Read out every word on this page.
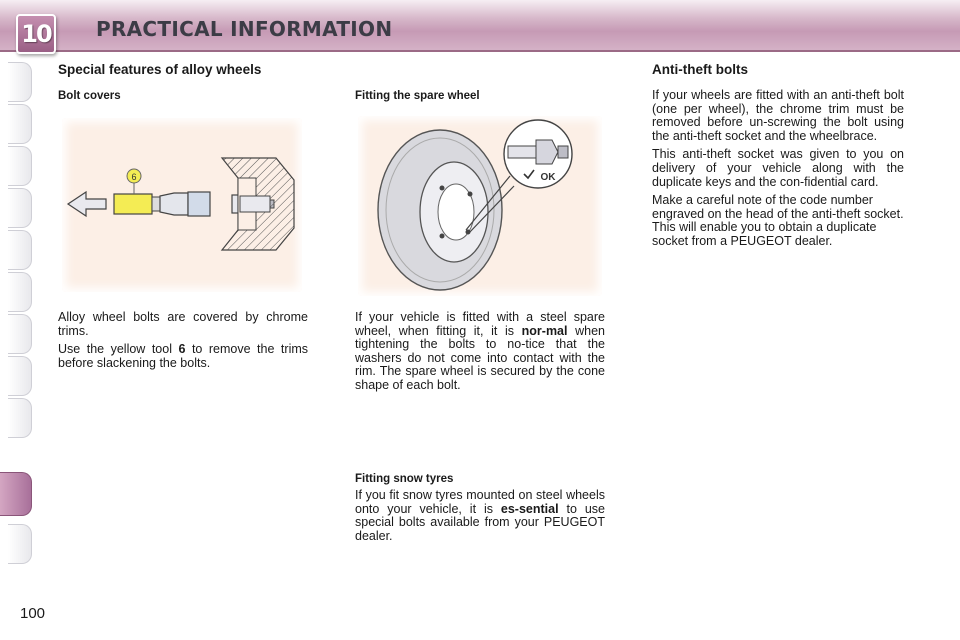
10 PRACTICAL INFORMATION
Special features of alloy wheels
Bolt covers
6

Alloy wheel bolts are covered by chrome trims.

Use the yellow tool 6 to remove the trims before slackening the bolts.

Fitting the spare wheel
OK

If your vehicle is fitted with a steel spare wheel, when fitting it, it is nor-mal when tightening the bolts to no-tice that the washers do not come into contact with the rim. The spare wheel is secured by the cone shape of each bolt.

Fitting snow tyres

If you fit snow tyres mounted on steel wheels onto your vehicle, it is es-sential to use special bolts available from your PEUGEOT dealer.

Anti-theft bolts

If your wheels are fitted with an anti-theft bolt (one per wheel), the chrome trim must be removed before un-screwing the bolt using the anti-theft socket and the wheelbrace.

This anti-theft socket was given to you on delivery of your vehicle along with the duplicate keys and the con-fidential card.

Make a careful note of the code number engraved on the head of the anti-theft socket. This will enable you to obtain a duplicate socket from a PEUGEOT dealer.

100
